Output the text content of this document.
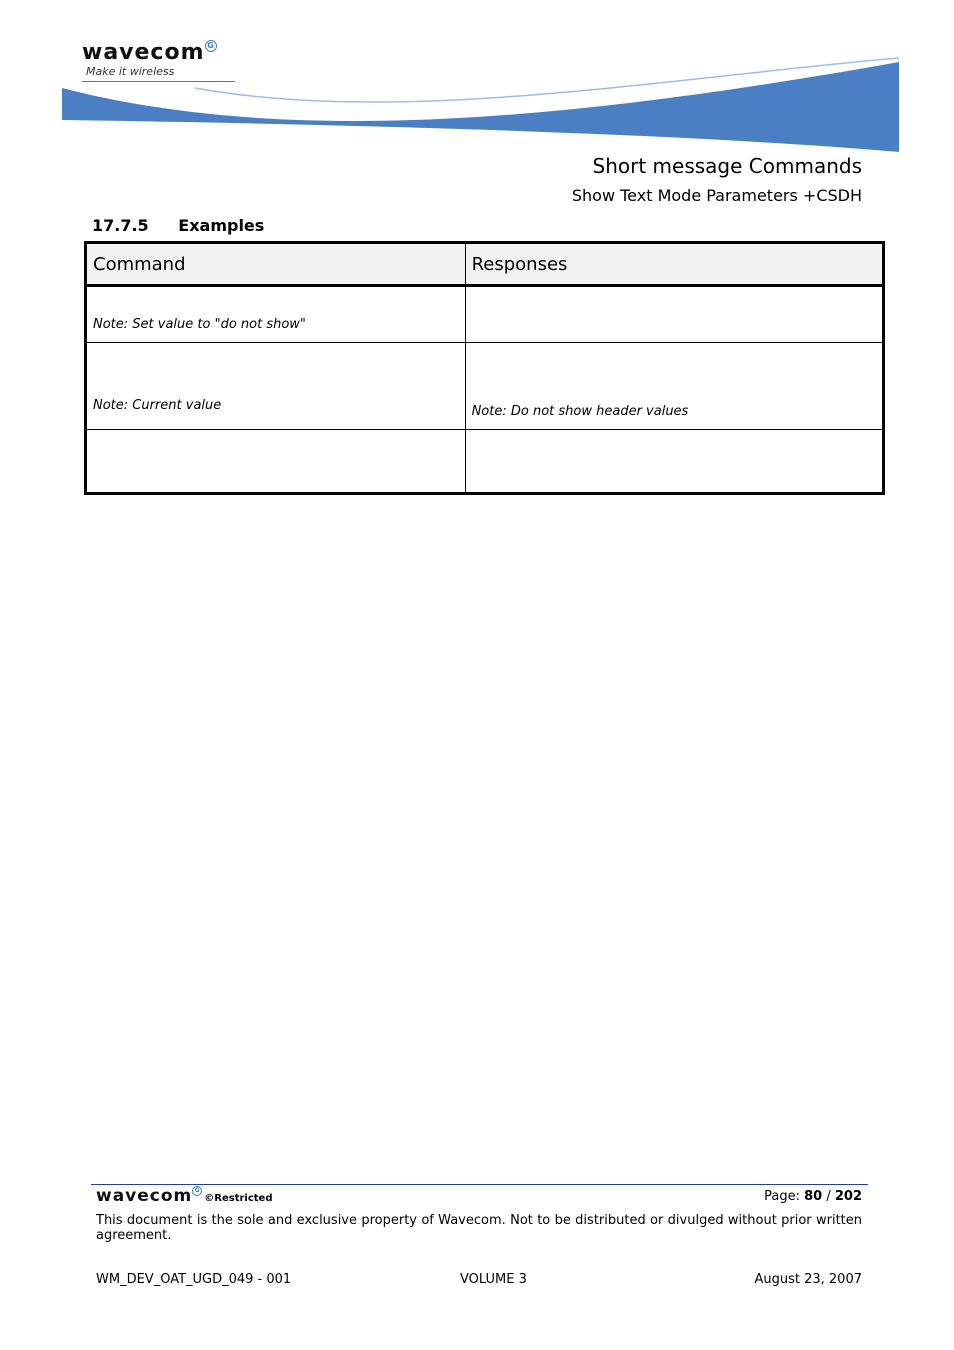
wavecom G
Make it wireless
Short message Commands
Show Text Mode Parameters +CSDH
17.7.5 Examples
Command	Responses
Note: Set value to "do not show"	
Note: Current value	Note: Do not show header values

wavecom G©Restricted	Page: 80 / 202
This document is the sole and exclusive property of Wavecom. Not to be distributed or divulged without prior written agreement.
WM_DEV_OAT_UGD_049 - 001	VOLUME 3	August 23, 2007
